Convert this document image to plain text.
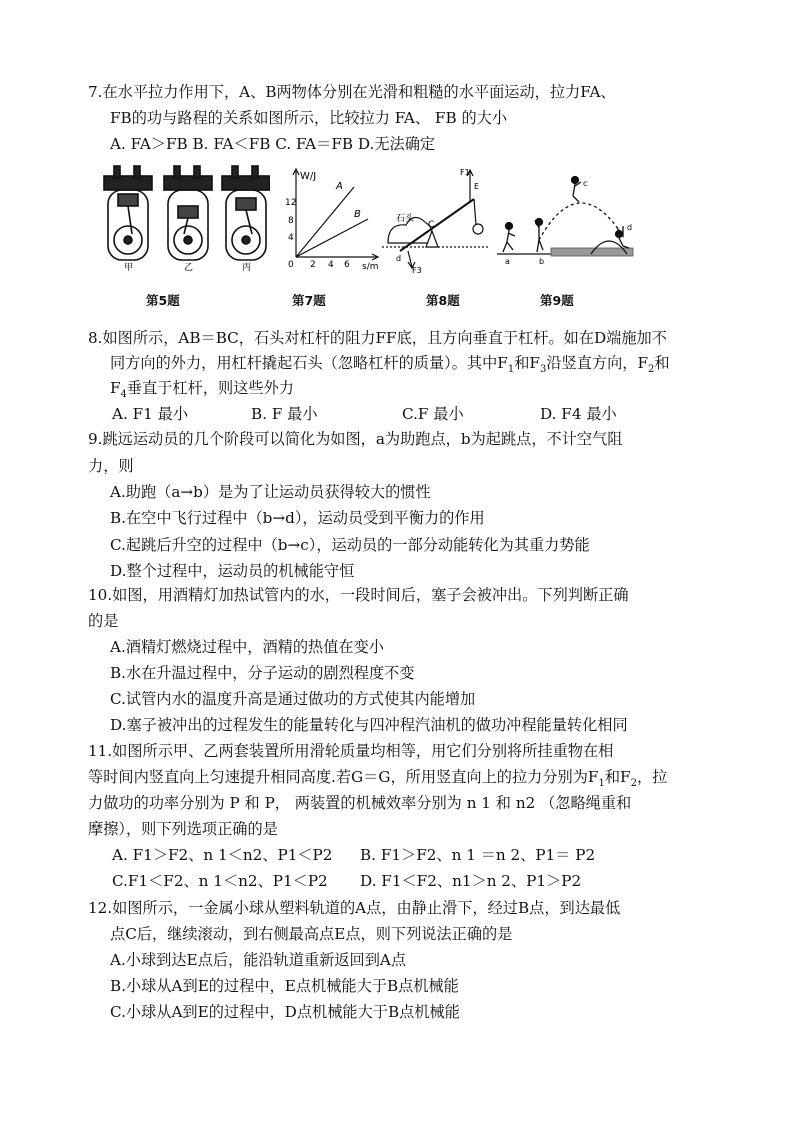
7.在水平拉力作用下，A、B两物体分别在光滑和粗糙的水平面运动，拉力FA、
FB的功与路程的关系如图所示，比较拉力 FA、 FB 的大小
A. FA＞FB B. FA＜FB C. FA＝FB D.无法确定
甲	乙	丙
W/J
s/m
12
8
4
0 2 4 6
A
B	石头
C
d
F3
F1
E
a	b
c
d
第5题	第7题	第8题	第9题
8.如图所示，AB＝BC，石头对杠杆的阻力FF底，且方向垂直于杠杆。如在D端施加不
同方向的外力，用杠杆撬起石头（忽略杠杆的质量）。其中$F_1$和$F_3$沿竖直方向，$F_2$和
$F_4$垂直于杠杆，则这些外力
A. F1 最小	B. F 最小	C.F 最小	D. F4 最小
9.跳远运动员的几个阶段可以简化为如图，a为助跑点，b为起跳点，不计空气阻
力，则
A.助跑（a→b）是为了让运动员获得较大的惯性
B.在空中飞行过程中（b→d），运动员受到平衡力的作用
C.起跳后升空的过程中（b→c），运动员的一部分动能转化为其重力势能
D.整个过程中，运动员的机械能守恒
10.如图，用酒精灯加热试管内的水，一段时间后，塞子会被冲出。下列判断正确
的是
A.酒精灯燃烧过程中，酒精的热值在变小
B.水在升温过程中，分子运动的剧烈程度不变
C.试管内水的温度升高是通过做功的方式使其内能增加
D.塞子被冲出的过程发生的能量转化与四冲程汽油机的做功冲程能量转化相同
11.如图所示甲、乙两套装置所用滑轮质量均相等，用它们分别将所挂重物在相
等时间内竖直向上匀速提升相同高度.若G＝G，所用竖直向上的拉力分别为$F_1$和$F_2$，拉
力做功的功率分别为 P 和 P， 两装置的机械效率分别为 n 1 和 n2 （忽略绳重和
摩擦），则下列选项正确的是
A. F1＞F2、n 1＜n2、P1＜P2 B. F1＞F2、n 1 ＝n 2、P1＝ P2
C.F1＜F2、n 1＜n2、P1＜P2 D. F1＜F2、n1＞n 2、P1＞P2
12.如图所示，一金属小球从塑料轨道的A点，由静止滑下，经过B点，到达最低
点C后，继续滚动，到右侧最高点E点，则下列说法正确的是
A.小球到达E点后，能沿轨道重新返回到A点
B.小球从A到E的过程中，E点机械能大于B点机械能
C.小球从A到E的过程中，D点机械能大于B点机械能
